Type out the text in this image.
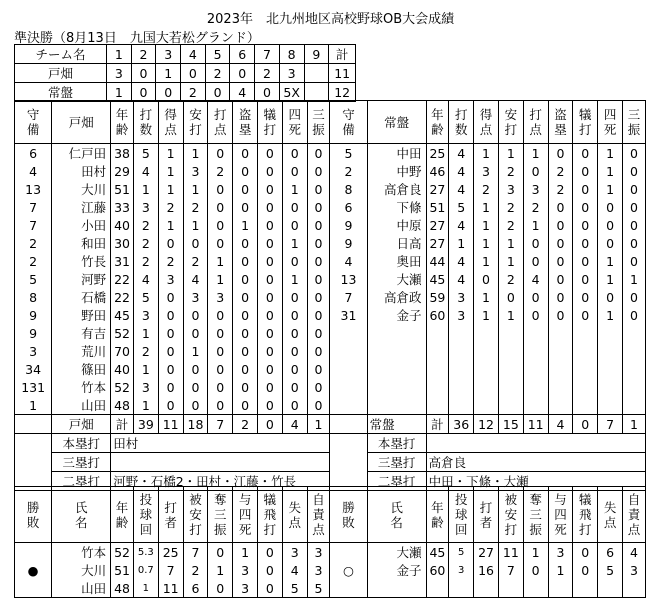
2023年　北九州地区高校野球OB大会成績
準決勝（8月13日　九国大若松グランド）
チーム名	1	2	3	4	5	6	7	8	9	計
戸畑	3	0	1	0	2	0	2	3		11
常盤	1	0	0	2	0	4	0	5X		12
守備	戸畑	年齢	打数	得点	安打	打点	盗塁	犠打	四死	三振	守備	常盤	年齢	打数	得点	安打	打点	盗塁	犠打	四死	三振

6	仁戸田	38	5	1	1	0	0	0	0	0	5	中田	25	4	1	1	1	0	0	1	0
4	田村	29	4	1	3	2	0	0	0	0	2	中野	46	4	3	2	0	2	0	1	0
13	大川	51	1	1	1	0	0	0	1	0	8	高倉良	27	4	2	3	3	2	0	1	0
7	江藤	33	3	2	2	0	0	0	0	0	6	下條	51	5	1	2	2	0	0	0	0
7	小田	40	2	1	1	0	1	0	0	0	9	中原	27	4	1	2	1	0	0	0	0
2	和田	30	2	0	0	0	0	0	1	0	9	日高	27	1	1	1	0	0	0	0	0
2	竹長	31	2	2	2	1	0	0	0	0	4	奥田	44	4	1	1	0	0	0	1	0
5	河野	22	4	3	4	1	0	0	1	0	13	大瀬	45	4	0	2	4	0	0	1	1
8	石橋	22	5	0	3	3	0	0	0	0	7	高倉政	59	3	1	0	0	0	0	0	0
9	野田	45	3	0	0	0	0	0	0	0	31	金子	60	3	1	1	0	0	0	1	0
9	有吉	52	1	0	0	0	0	0	0	0											
3	荒川	70	2	0	1	0	0	0	0	0											
34	篠田	40	1	0	0	0	0	0	0	0											
131	竹本	52	3	0	0	0	0	0	0	0											
1	山田	48	1	0	0	0	0	0	0	0											
	戸畑	計	39	11	18	7	2	0	4	1		常盤	計	36	12	15	11	4	0	7	1
	本塁打	田村										本塁打									
	三塁打											三塁打	高倉良								
	二塁打	河野・石橋2・田村・江藤・竹長										二塁打	中田・下條・大瀬								
勝敗	氏名	年齢	投球回	打者	被安打	奪三振	与四死	犠飛打	失点	自責点	勝敗	氏名	年齢	投球回	打者	被安打	奪三振	与四死	犠飛打	失点	自責点

	竹本	52	5.3	25	7	0	1	0	3	3		大瀬	45	5	27	11	1	3	0	6	4
●	大川	51	0.7	7	2	1	3	0	4	3	○	金子	60	3	16	7	0	1	0	5	3
	山田	48	1	11	6	0	3	0	5	5											
